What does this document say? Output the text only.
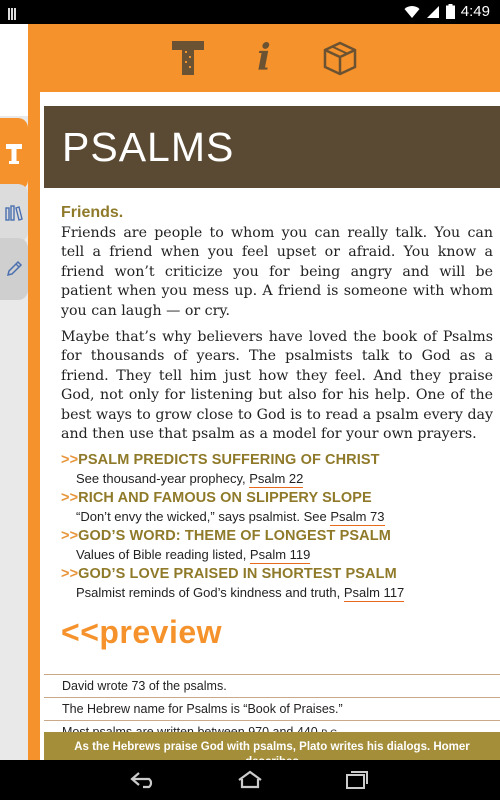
4:49
i
PSALMS
Friends.

Friends are people to whom you can really talk. You can tell a friend when you feel upset or afraid. You know a friend won’t criticize you for being angry and will be patient when you mess up. A friend is someone with whom you can laugh — or cry.

Maybe that’s why believers have loved the book of Psalms for thousands of years. The psalmists talk to God as a friend. They tell him just how they feel. And they praise God, not only for listening but also for his help. One of the best ways to grow close to God is to read a psalm every day and then use that psalm as a model for your own prayers.

>>PSALM PREDICTS SUFFERING OF CHRIST
See thousand-year prophecy, Psalm 22
>>RICH AND FAMOUS ON SLIPPERY SLOPE
“Don’t envy the wicked,” says psalmist. See Psalm 73
>>GOD’S WORD: THEME OF LONGEST PSALM
Values of Bible reading listed, Psalm 119
>>GOD’S LOVE PRAISED IN SHORTEST PSALM
Psalmist reminds of God’s kindness and truth, Psalm 117
<<preview
David wrote 73 of the psalms.
The Hebrew name for Psalms is “Book of Praises.”
As the Hebrews praise God with psalms, Plato writes his dialogs. Homer
